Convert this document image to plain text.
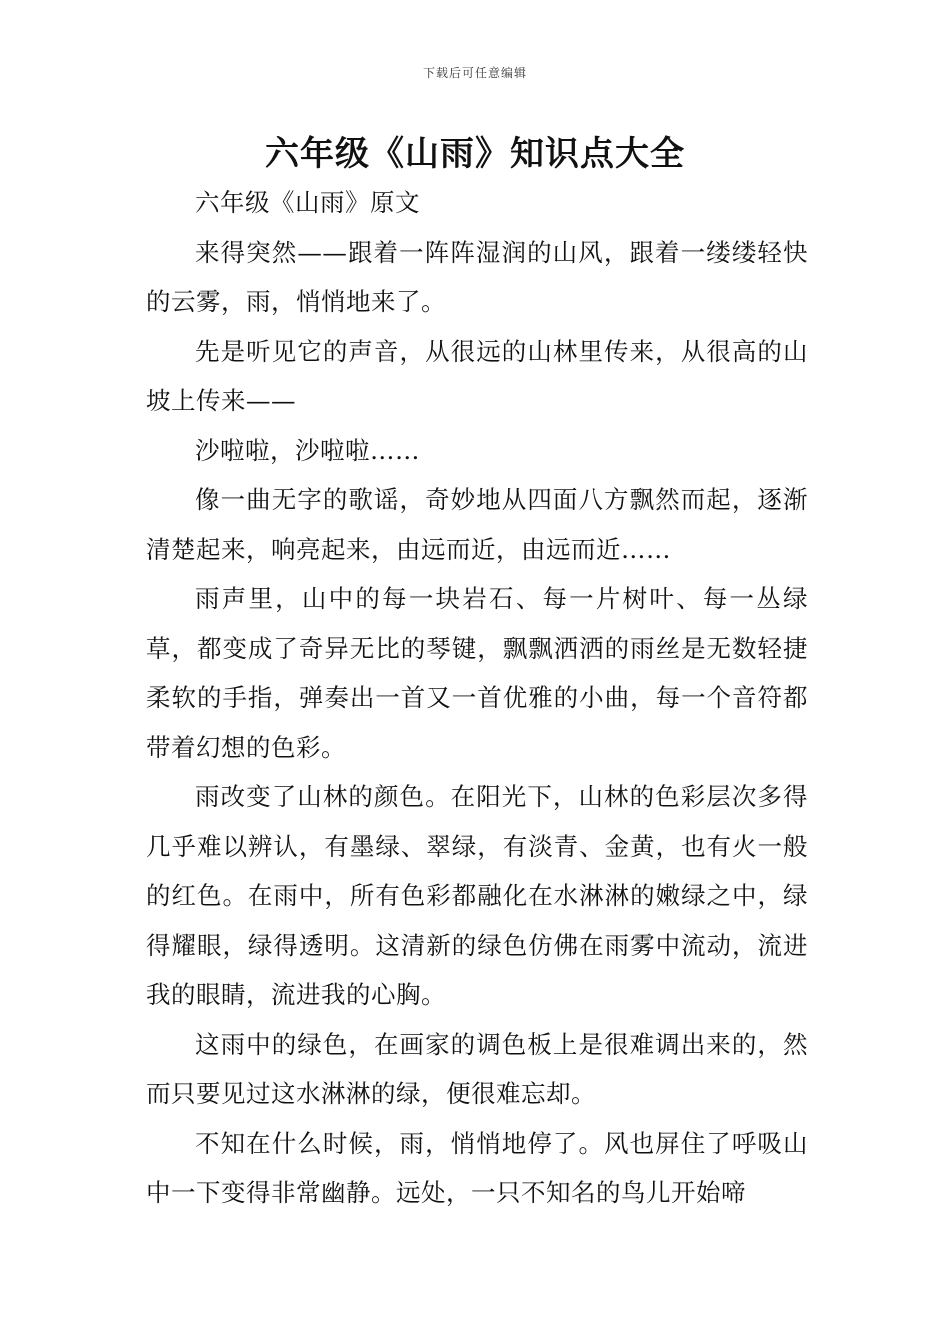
下载后可任意编辑
六年级《山雨》知识点大全

六年级《山雨》原文

来得突然——跟着一阵阵湿润的山风，跟着一缕缕轻快的云雾，雨，悄悄地来了。

先是听见它的声音，从很远的山林里传来，从很高的山坡上传来——

沙啦啦，沙啦啦……

像一曲无字的歌谣，奇妙地从四面八方飘然而起，逐渐清楚起来，响亮起来，由远而近，由远而近……

雨声里，山中的每一块岩石、每一片树叶、每一丛绿草，都变成了奇异无比的琴键，飘飘洒洒的雨丝是无数轻捷柔软的手指，弹奏出一首又一首优雅的小曲，每一个音符都带着幻想的色彩。

雨改变了山林的颜色。在阳光下，山林的色彩层次多得几乎难以辨认，有墨绿、翠绿，有淡青、金黄，也有火一般的红色。在雨中，所有色彩都融化在水淋淋的嫩绿之中，绿得耀眼，绿得透明。这清新的绿色仿佛在雨雾中流动，流进我的眼睛，流进我的心胸。

这雨中的绿色，在画家的调色板上是很难调出来的，然而只要见过这水淋淋的绿，便很难忘却。

不知在什么时候，雨，悄悄地停了。风也屏住了呼吸山中一下变得非常幽静。远处，一只不知名的鸟儿开始啼
